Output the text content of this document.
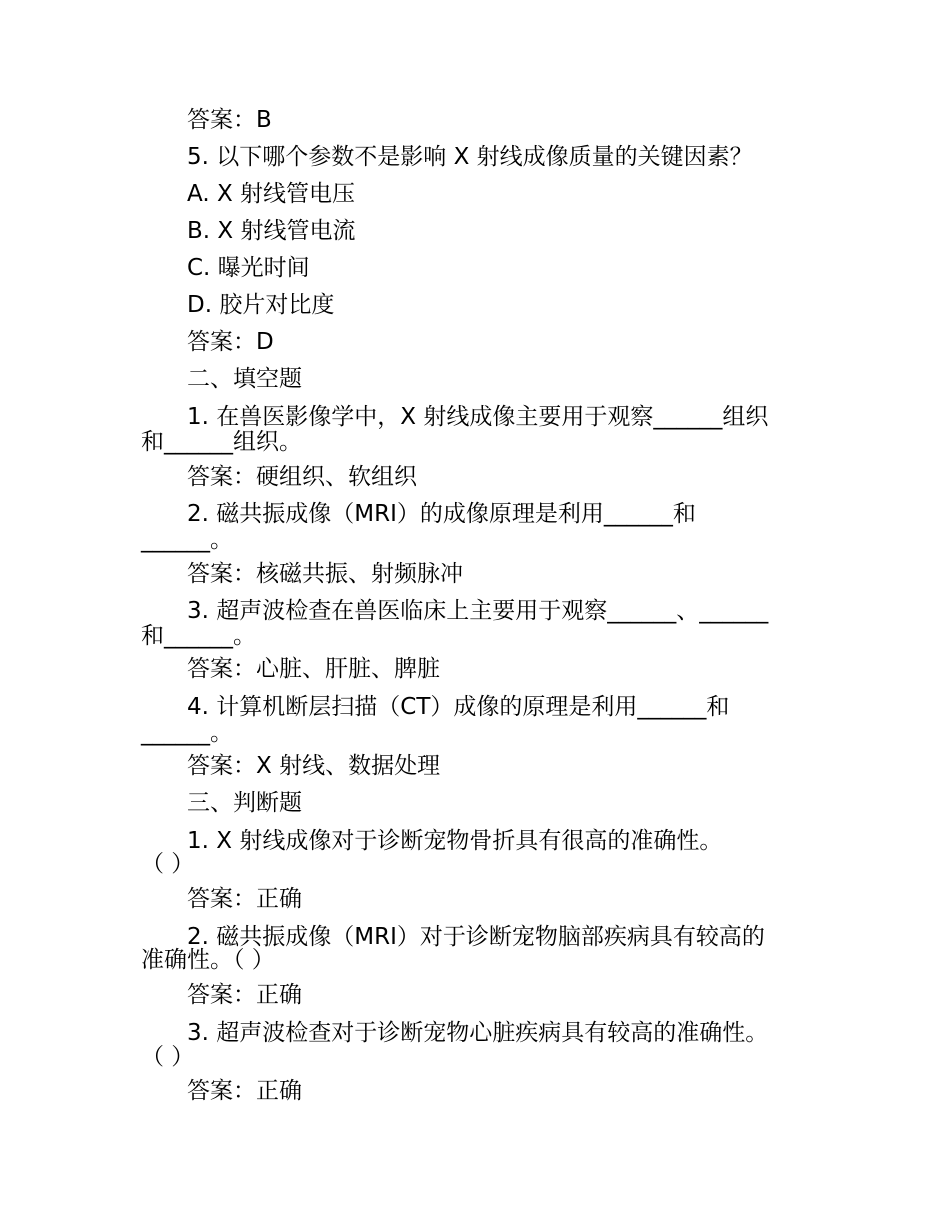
答案：B
5. 以下哪个参数不是影响 X 射线成像质量的关键因素？
A. X 射线管电压
B. X 射线管电流
C. 曝光时间
D. 胶片对比度
答案：D
二、填空题
1. 在兽医影像学中，X 射线成像主要用于观察______组织
和______组织。
答案：硬组织、软组织
2. 磁共振成像（MRI）的成像原理是利用______和
______。
答案：核磁共振、射频脉冲
3. 超声波检查在兽医临床上主要用于观察______、______
和______。
答案：心脏、肝脏、脾脏
4. 计算机断层扫描（CT）成像的原理是利用______和
______。
答案：X 射线、数据处理
三、判断题
1. X 射线成像对于诊断宠物骨折具有很高的准确性。
（ ）
答案：正确
2. 磁共振成像（MRI）对于诊断宠物脑部疾病具有较高的
准确性。（ ）
答案：正确
3. 超声波检查对于诊断宠物心脏疾病具有较高的准确性。
（ ）
答案：正确
